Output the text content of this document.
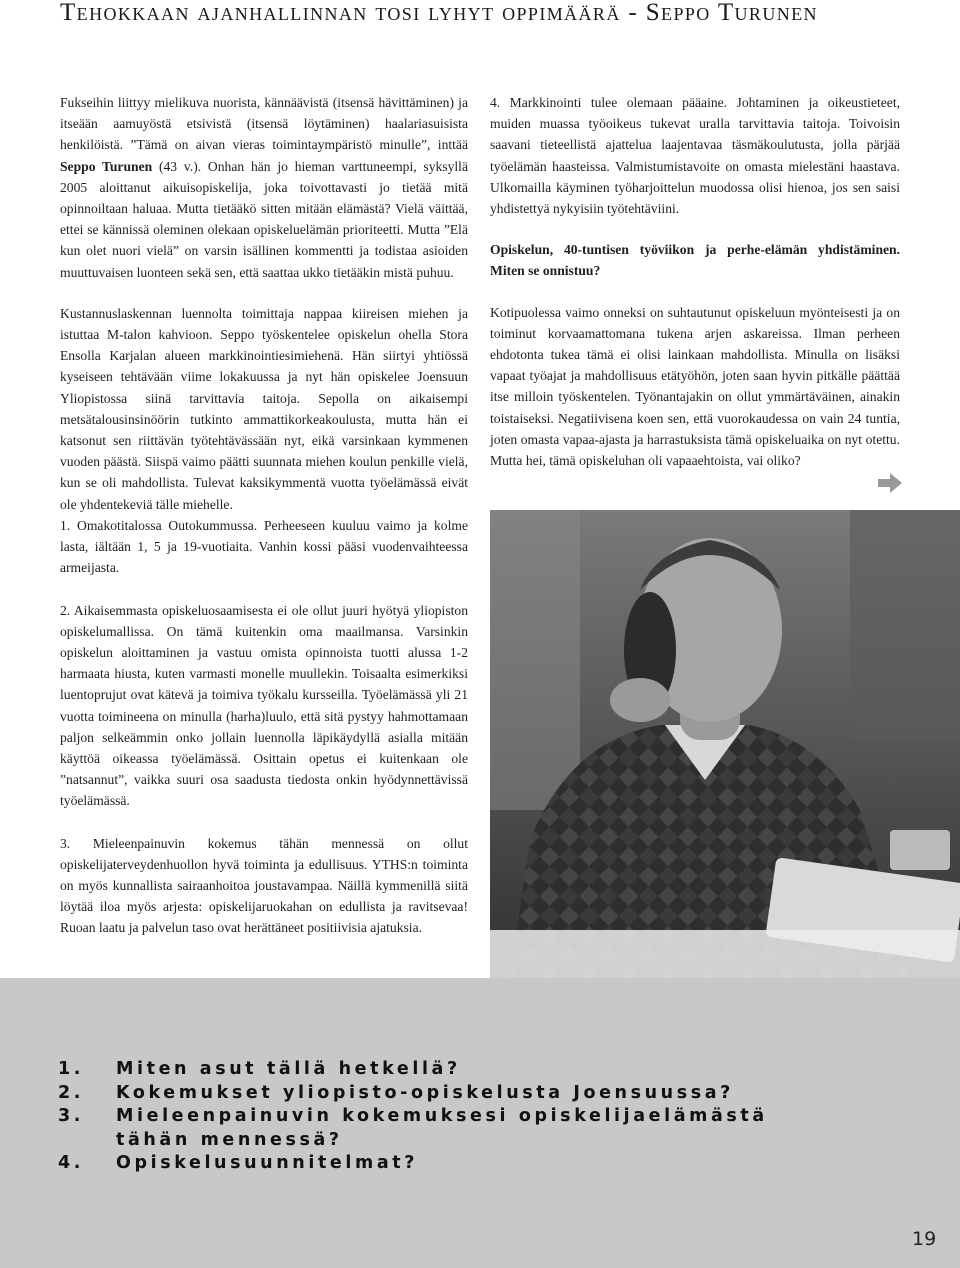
Tehokkaan ajanhallinnan tosi lyhyt oppimäärä - Seppo Turunen

Fukseihin liittyy mielikuva nuorista, kännäävistä (itsensä hävittäminen) ja itseään aamuyöstä etsivistä (itsensä löytäminen) haalariasuisista henkilöistä. ”Tämä on aivan vieras toimintaympäristö minulle”, inttää Seppo Turunen (43 v.). Onhan hän jo hieman varttuneempi, syksyllä 2005 aloittanut aikuisopiskelija, joka toivottavasti jo tietää mitä opinnoiltaan haluaa. Mutta tietääkö sitten mitään elämästä? Vielä väittää, ettei se kännissä oleminen olekaan opiskeluelämän prioriteetti. Mutta ”Elä kun olet nuori vielä” on varsin isällinen kommentti ja todistaa asioiden muuttuvaisen luonteen sekä sen, että saattaa ukko tietääkin mistä puhuu.

Kustannuslaskennan luennolta toimittaja nappaa kiireisen miehen ja istuttaa M-talon kahvioon. Seppo työskentelee opiskelun ohella Stora Ensolla Karjalan alueen markkinointiesimiehenä. Hän siirtyi yhtiössä kyseiseen tehtävään viime lokakuussa ja nyt hän opiskelee Joensuun Yliopistossa siinä tarvittavia taitoja. Sepolla on aikaisempi metsätalousinsinöörin tutkinto ammattikorkeakoulusta, mutta hän ei katsonut sen riittävän työtehtävässään nyt, eikä varsinkaan kymmenen vuoden päästä. Siispä vaimo päätti suunnata miehen koulun penkille vielä, kun se oli mahdollista. Tulevat kaksikymmentä vuotta työelämässä eivät ole yhdentekeviä tälle miehelle.

4. Markkinointi tulee olemaan pääaine. Johtaminen ja oikeustieteet, muiden muassa työoikeus tukevat uralla tarvittavia taitoja. Toivoisin saavani tieteellistä ajattelua laajentavaa täsmäkoulutusta, jolla pärjää työelämän haasteissa. Valmistumistavoite on omasta mielestäni haastava. Ulkomailla käyminen työharjoittelun muodossa olisi hienoa, jos sen saisi yhdistettyä nykyisiin työtehtäviini.

Opiskelun, 40-tuntisen työviikon ja perhe-elämän yhdistäminen. Miten se onnistuu?

Kotipuolessa vaimo onneksi on suhtautunut opiskeluun myönteisesti ja on toiminut korvaamattomana tukena arjen askareissa. Ilman perheen ehdotonta tukea tämä ei olisi lainkaan mahdollista. Minulla on lisäksi vapaat työajat ja mahdollisuus etätyöhön, joten saan hyvin pitkälle päättää itse milloin työskentelen. Työnantajakin on ollut ymmärtäväinen, ainakin toistaiseksi. Negatiivisena koen sen, että vuorokaudessa on vain 24 tuntia, joten omasta vapaa-ajasta ja harrastuksista tämä opiskeluaika on nyt otettu. Mutta hei, tämä opiskeluhan oli vapaaehtoista, vai oliko?

1. Omakotitalossa Outokummussa. Perheeseen kuuluu vaimo ja kolme lasta, iältään 1, 5 ja 19-vuotiaita. Vanhin kossi pääsi vuodenvaihteessa armeijasta.

2. Aikaisemmasta opiskeluosaamisesta ei ole ollut juuri hyötyä yliopiston opiskelumallissa. On tämä kuitenkin oma maailmansa. Varsinkin opiskelun aloittaminen ja vastuu omista opinnoista tuotti alussa 1-2 harmaata hiusta, kuten varmasti monelle muullekin. Toisaalta esimerkiksi luentoprujut ovat kätevä ja toimiva työkalu kursseilla. Työelämässä yli 21 vuotta toimineena on minulla (harha)luulo, että sitä pystyy hahmottamaan paljon selkeämmin onko jollain luennolla läpikäydyllä asialla mitään käyttöä oikeassa työelämässä. Osittain opetus ei kuitenkaan ole ”natsannut”, vaikka suuri osa saadusta tiedosta onkin hyödynnettävissä työelämässä.

3. Mieleenpainuvin kokemus tähän mennessä on ollut opiskelijaterveydenhuollon hyvä toiminta ja edullisuus. YTHS:n toiminta on myös kunnallista sairaanhoitoa joustavampaa. Näillä kymmenillä siitä löytää iloa myös arjesta: opiskelijaruokahan on edullista ja ravitsevaa! Ruoan laatu ja palvelun taso ovat herättäneet positiivisia ajatuksia.

1.	Miten asut tällä hetkellä?
2.	Kokemukset yliopisto-opiskelusta Joensuussa?
3.	Mieleenpainuvin kokemuksesi opiskelijaelämästä tähän mennessä?
4.	Opiskelusuunnitelmat?
19
